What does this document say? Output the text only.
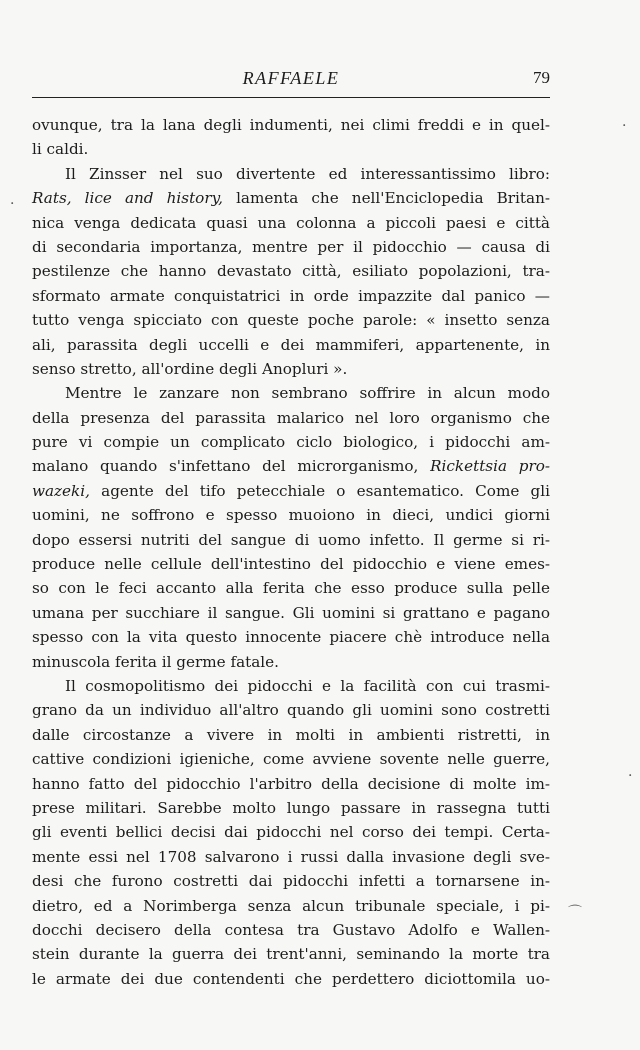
RAFFAELE	79
ovunque, tra la lana degli indumenti, nei climi freddi e in quel-
li caldi.
Il Zinsser nel suo divertente ed interessantissimo libro:
Rats, lice and history, lamenta che nell'Enciclopedia Britan-
nica venga dedicata quasi una colonna a piccoli paesi e città
di secondaria importanza, mentre per il pidocchio — causa di
pestilenze che hanno devastato città, esiliato popolazioni, tra-
sformato armate conquistatrici in orde impazzite dal panico —
tutto venga spicciato con queste poche parole: « insetto senza
ali, parassita degli uccelli e dei mammiferi, appartenente, in
senso stretto, all'ordine degli Anopluri ».
Mentre le zanzare non sembrano soffrire in alcun modo
della presenza del parassita malarico nel loro organismo che
pure vi compie un complicato ciclo biologico, i pidocchi am-
malano quando s'infettano del microrganismo, Rickettsia pro-
wazeki, agente del tifo petecchiale o esantematico. Come gli
uomini, ne soffrono e spesso muoiono in dieci, undici giorni
dopo essersi nutriti del sangue di uomo infetto. Il germe si ri-
produce nelle cellule dell'intestino del pidocchio e viene emes-
so con le feci accanto alla ferita che esso produce sulla pelle
umana per succhiare il sangue. Gli uomini si grattano e pagano
spesso con la vita questo innocente piacere chè introduce nella
minuscola ferita il germe fatale.
Il cosmopolitismo dei pidocchi e la facilità con cui trasmi-
grano da un individuo all'altro quando gli uomini sono costretti
dalle circostanze a vivere in molti in ambienti ristretti, in
cattive condizioni igieniche, come avviene sovente nelle guerre,
hanno fatto del pidocchio l'arbitro della decisione di molte im-
prese militari. Sarebbe molto lungo passare in rassegna tutti
gli eventi bellici decisi dai pidocchi nel corso dei tempi. Certa-
mente essi nel 1708 salvarono i russi dalla invasione degli sve-
desi che furono costretti dai pidocchi infetti a tornarsene in-
dietro, ed a Norimberga senza alcun tribunale speciale, i pi-
docchi decisero della contesa tra Gustavo Adolfo e Wallen-
stein durante la guerra dei trent'anni, seminando la morte tra
le armate dei due contendenti che perdettero diciottomila uo-
·
·
·
⌒
